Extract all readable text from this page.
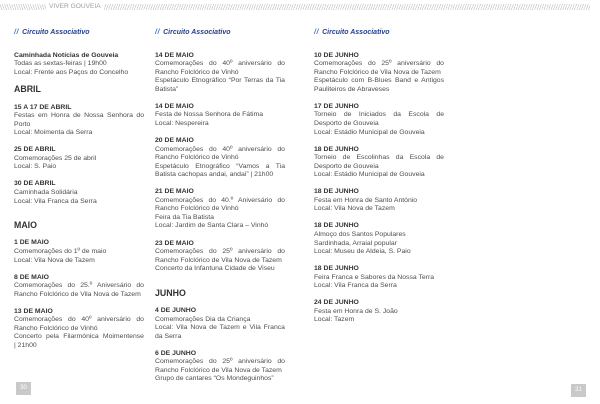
VIVER GOUVEIA
// Circuito Associativo
Caminhada Notícias de Gouveia
Todas as sextas-feiras | 19h00
Local: Frente aos Paços do Concelho
ABRIL
15 A 17 DE ABRIL
Festas em Honra de Nossa Senhora do
Porto
Local: Moimenta da Serra
25 DE ABRIL
Comemorações 25 de abril
Local: S. Paio
30 DE ABRIL
Caminhada Solidária
Local: Vila Franca da Serra
MAIO
1 DE MAIO
Comemorações do 1º de maio
Local: Vila Nova de Tazem
8 DE MAIO
Comemorações do 25.º Aniversário do
Rancho Folclórico de Vila Nova de Tazem
13 DE MAIO
Comemorações do 40º aniversário do
Rancho Folclórico de Vinhó
Concerto pela Filarmónica Moimentense
| 21h00
// Circuito Associativo
14 DE MAIO
Comemorações do 40º aniversário do
Rancho Folclórico de Vinhó
Espetáculo Etnográfico “Por Terras da Tia
Batista”
14 DE MAIO
Festa de Nossa Senhora de Fátima
Local: Nespereira
20 DE MAIO
Comemorações do 40º aniversário do
Rancho Folclórico de Vinhó
Espetáculo Etnográfico “Vamos a Tia
Batista cachopas andai, andai” | 21h00
21 DE MAIO
Comemorações do 40.º Aniversário do
Rancho Folclórico de Vinhó
Feira da Tia Batista
Local: Jardim de Santa Clara – Vinhó
23 DE MAIO
Comemorações do 25º aniversário do
Rancho Folclórico de Vila Nova de Tazem
Concerto da Infantuna Cidade de Viseu
JUNHO
4 DE JUNHO
Comemorações Dia da Criança
Local: Vila Nova de Tazem e Vila Franca
da Serra
6 DE JUNHO
Comemorações do 25º aniversário do
Rancho Folclórico de Vila Nova de Tazem
Grupo de cantares “Os Mondeguinhos”
// Circuito Associativo
10 DE JUNHO
Comemorações do 25º aniversário do
Rancho Folclórico de Vila Nova de Tazem
Espetáculo com B-Blues Band e Antigos
Pauliteiros de Abraveses
17 DE JUNHO
Torneio de Iniciados da Escola de
Desporto de Gouveia
Local: Estádio Municipal de Gouveia
18 DE JUNHO
Torneio de Escolinhas da Escola de
Desporto de Gouveia
Local: Estádio Municipal de Gouveia
18 DE JUNHO
Festa em Honra de Santo António
Local: Vila Nova de Tazem
18 DE JUNHO
Almoço dos Santos Populares
Sardinhada, Arraial popular
Local: Museu de Aldeia, S. Paio
18 DE JUNHO
Feira Franca e Sabores da Nossa Terra
Local: Vila Franca da Serra
24 DE JUNHO
Festa em Honra de S. João
Local: Tazem
30	31
